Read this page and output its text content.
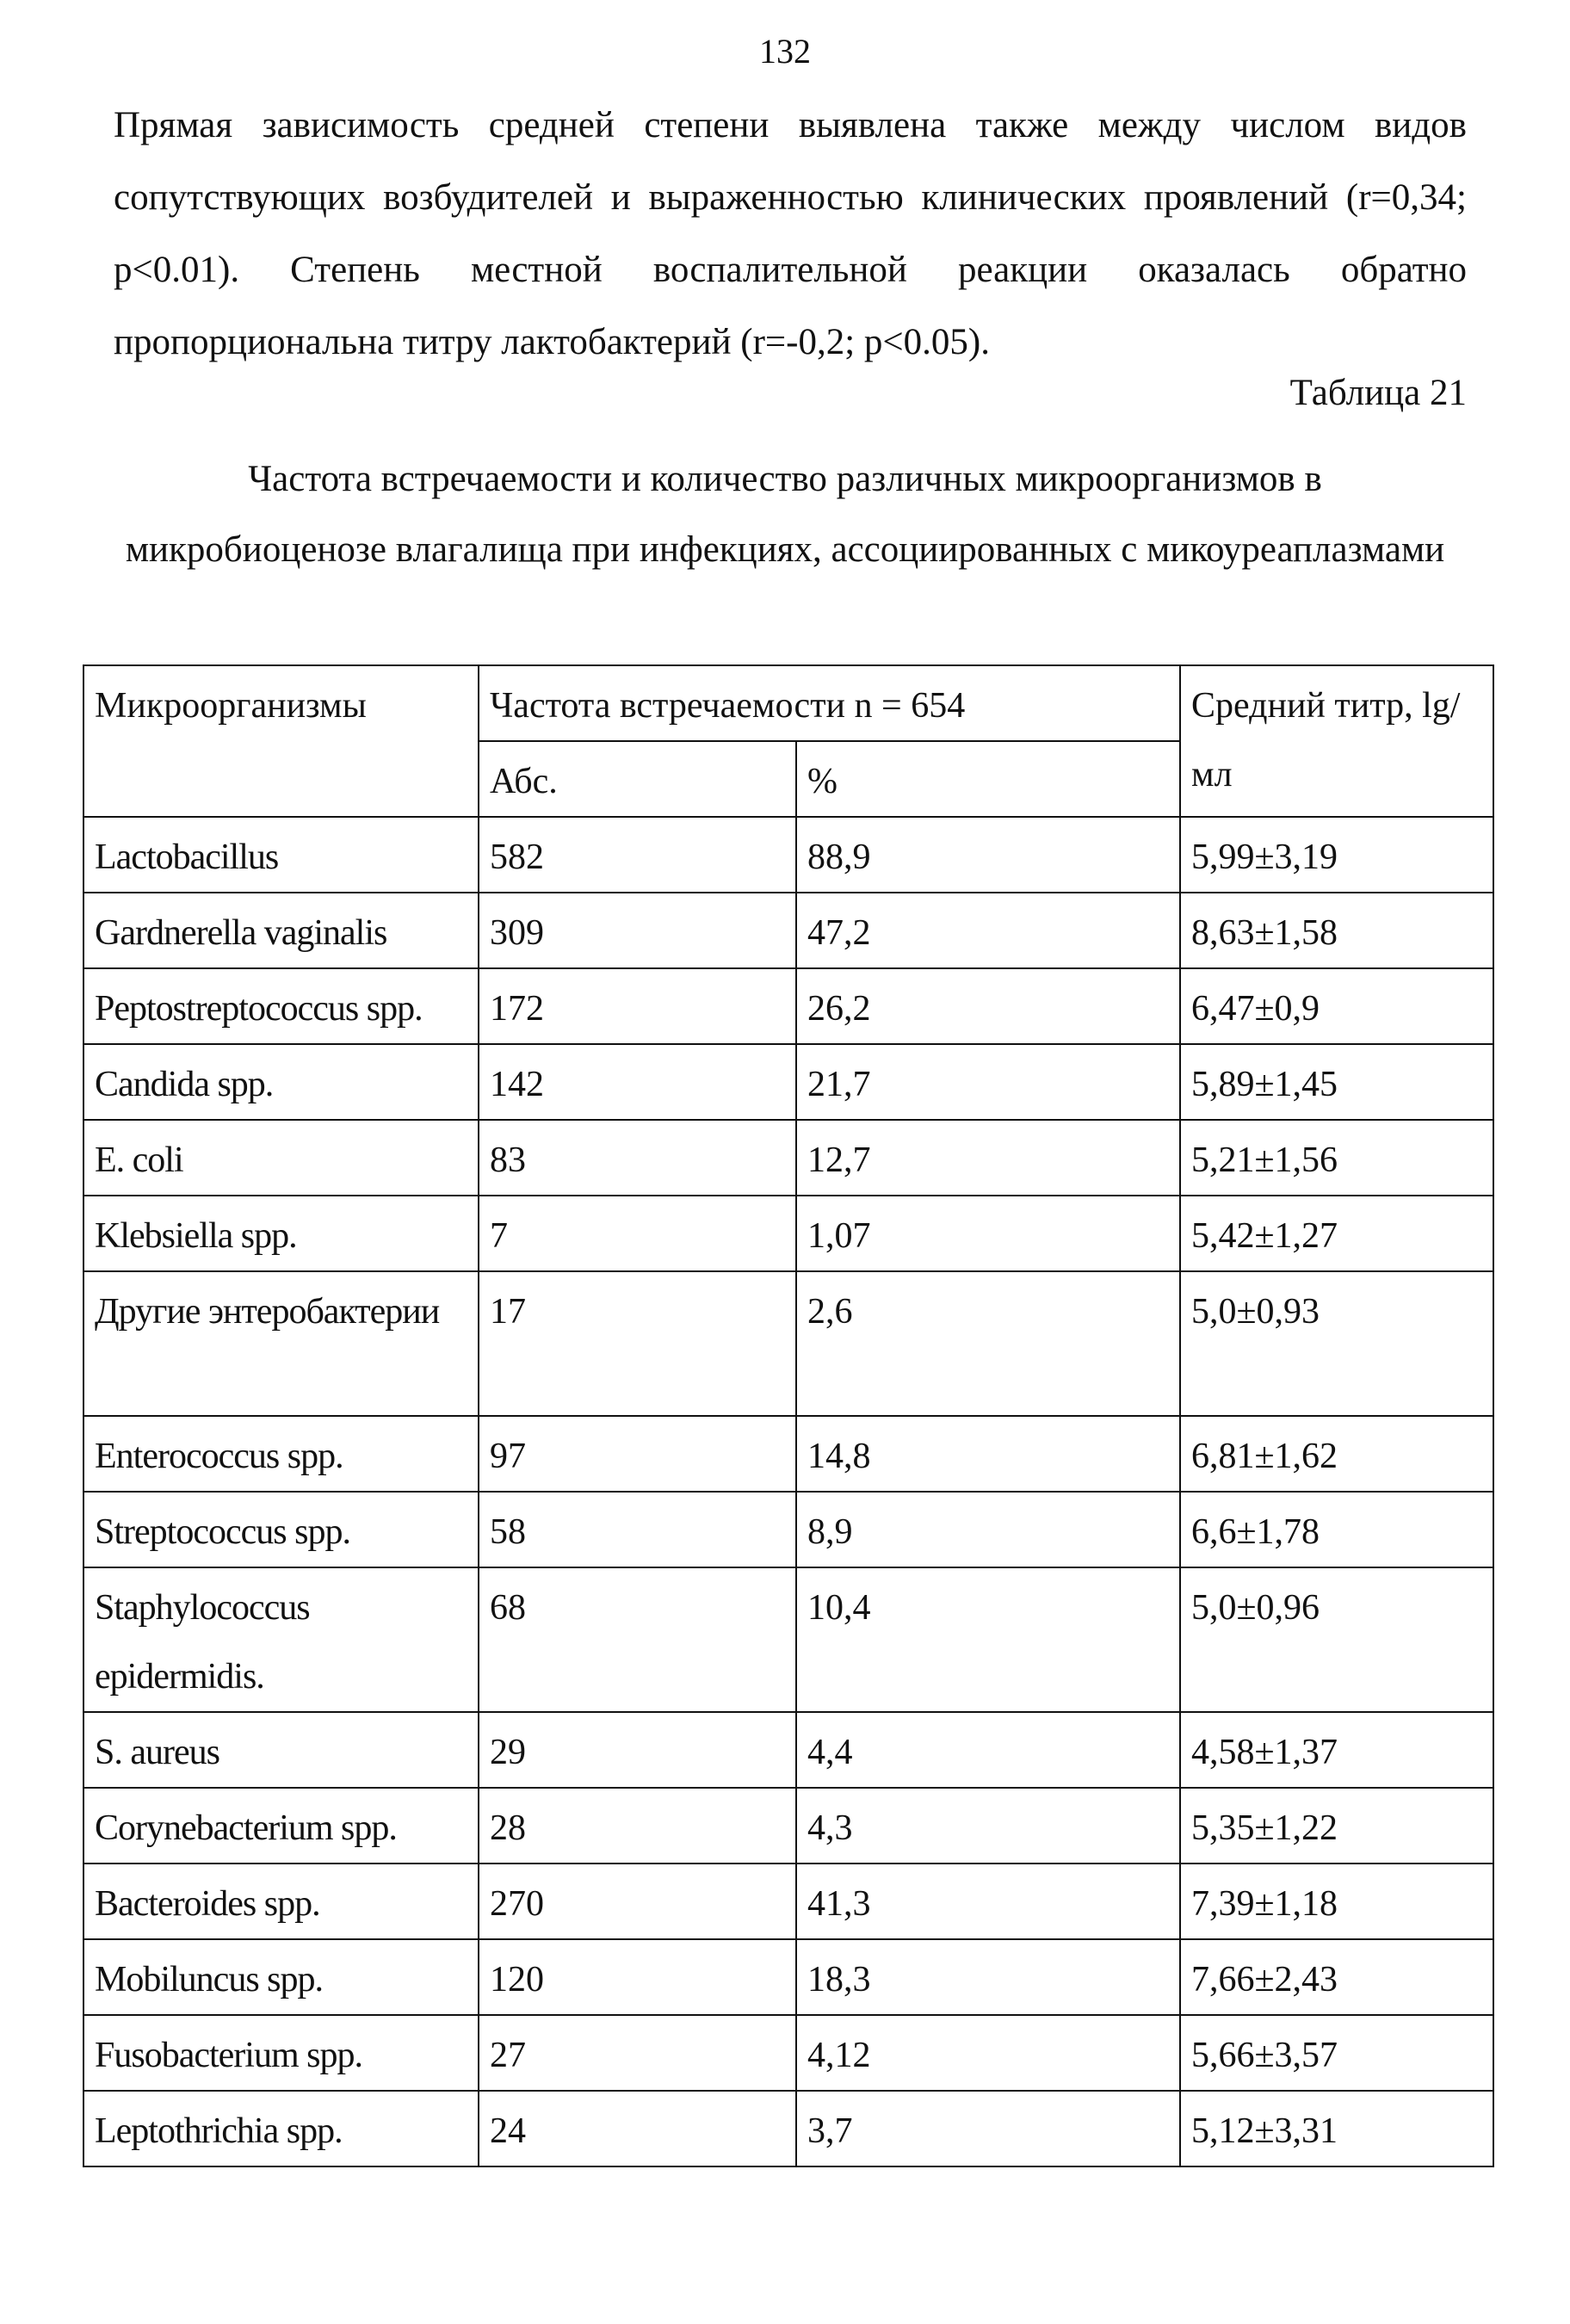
132
Прямая зависимость средней степени выявлена также между числом видов сопутствующих возбудителей и выраженностью клинических проявлений (r=0,34; p<0.01). Степень местной воспалительной реакции оказалась обратно пропорциональна титру лактобактерий (r=-0,2; p<0.05).
Таблица 21
Частота встречаемости и количество различных микроорганизмов в микробиоценозе влагалища при инфекциях, ассоциированных с микоуреаплазмами
Микроорганизмы	Частота встречаемости n = 654		Средний титр, lg/мл
	Абс.	%	
Lactobacillus	582	88,9	5,99±3,19
Gardnerella vaginalis	309	47,2	8,63±1,58
Peptostreptococcus spp.	172	26,2	6,47±0,9
Candida spp.	142	21,7	5,89±1,45
E. coli	83	12,7	5,21±1,56
Klebsiella spp.	7	1,07	5,42±1,27
Другие энтеробактерии	17	2,6	5,0±0,93
Enterococcus spp.	97	14,8	6,81±1,62
Streptococcus spp.	58	8,9	6,6±1,78
Staphylococcus epidermidis.	68	10,4	5,0±0,96
S. aureus	29	4,4	4,58±1,37
Corynebacterium spp.	28	4,3	5,35±1,22
Bacteroides spp.	270	41,3	7,39±1,18
Mobiluncus spp.	120	18,3	7,66±2,43
Fusobacterium spp.	27	4,12	5,66±3,57
Leptothrichia spp.	24	3,7	5,12±3,31
